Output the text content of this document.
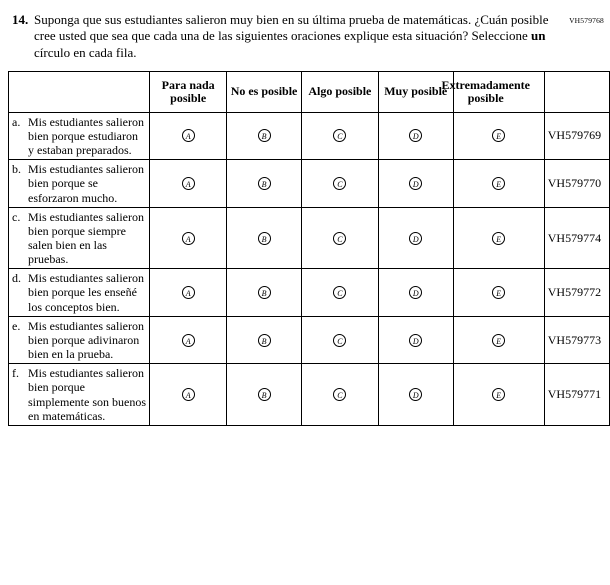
VH579768
14. Suponga que sus estudiantes salieron muy bien en su última prueba de matemáticas. ¿Cuán posible cree usted que sea que cada una de las siguientes oraciones explique esta situación? Seleccione un círculo en cada fila.
	Para nada posible	No es posible	Algo posible	Muy posible	Extremadamente posible	

a. Mis estudiantes salieron bien porque estudiaron y estaban preparados.	A	B	C	D	E	VH579769

b. Mis estudiantes salieron bien porque se esforzaron mucho.	A	B	C	D	E	VH579770

c. Mis estudiantes salieron bien porque siempre salen bien en las pruebas.	A	B	C	D	E	VH579774

d. Mis estudiantes salieron bien porque les enseñé los conceptos bien.	A	B	C	D	E	VH579772

e. Mis estudiantes salieron bien porque adivinaron bien en la prueba.	A	B	C	D	E	VH579773

f. Mis estudiantes salieron bien porque simplemente son buenos en matemáticas.	A	B	C	D	E	VH579771
